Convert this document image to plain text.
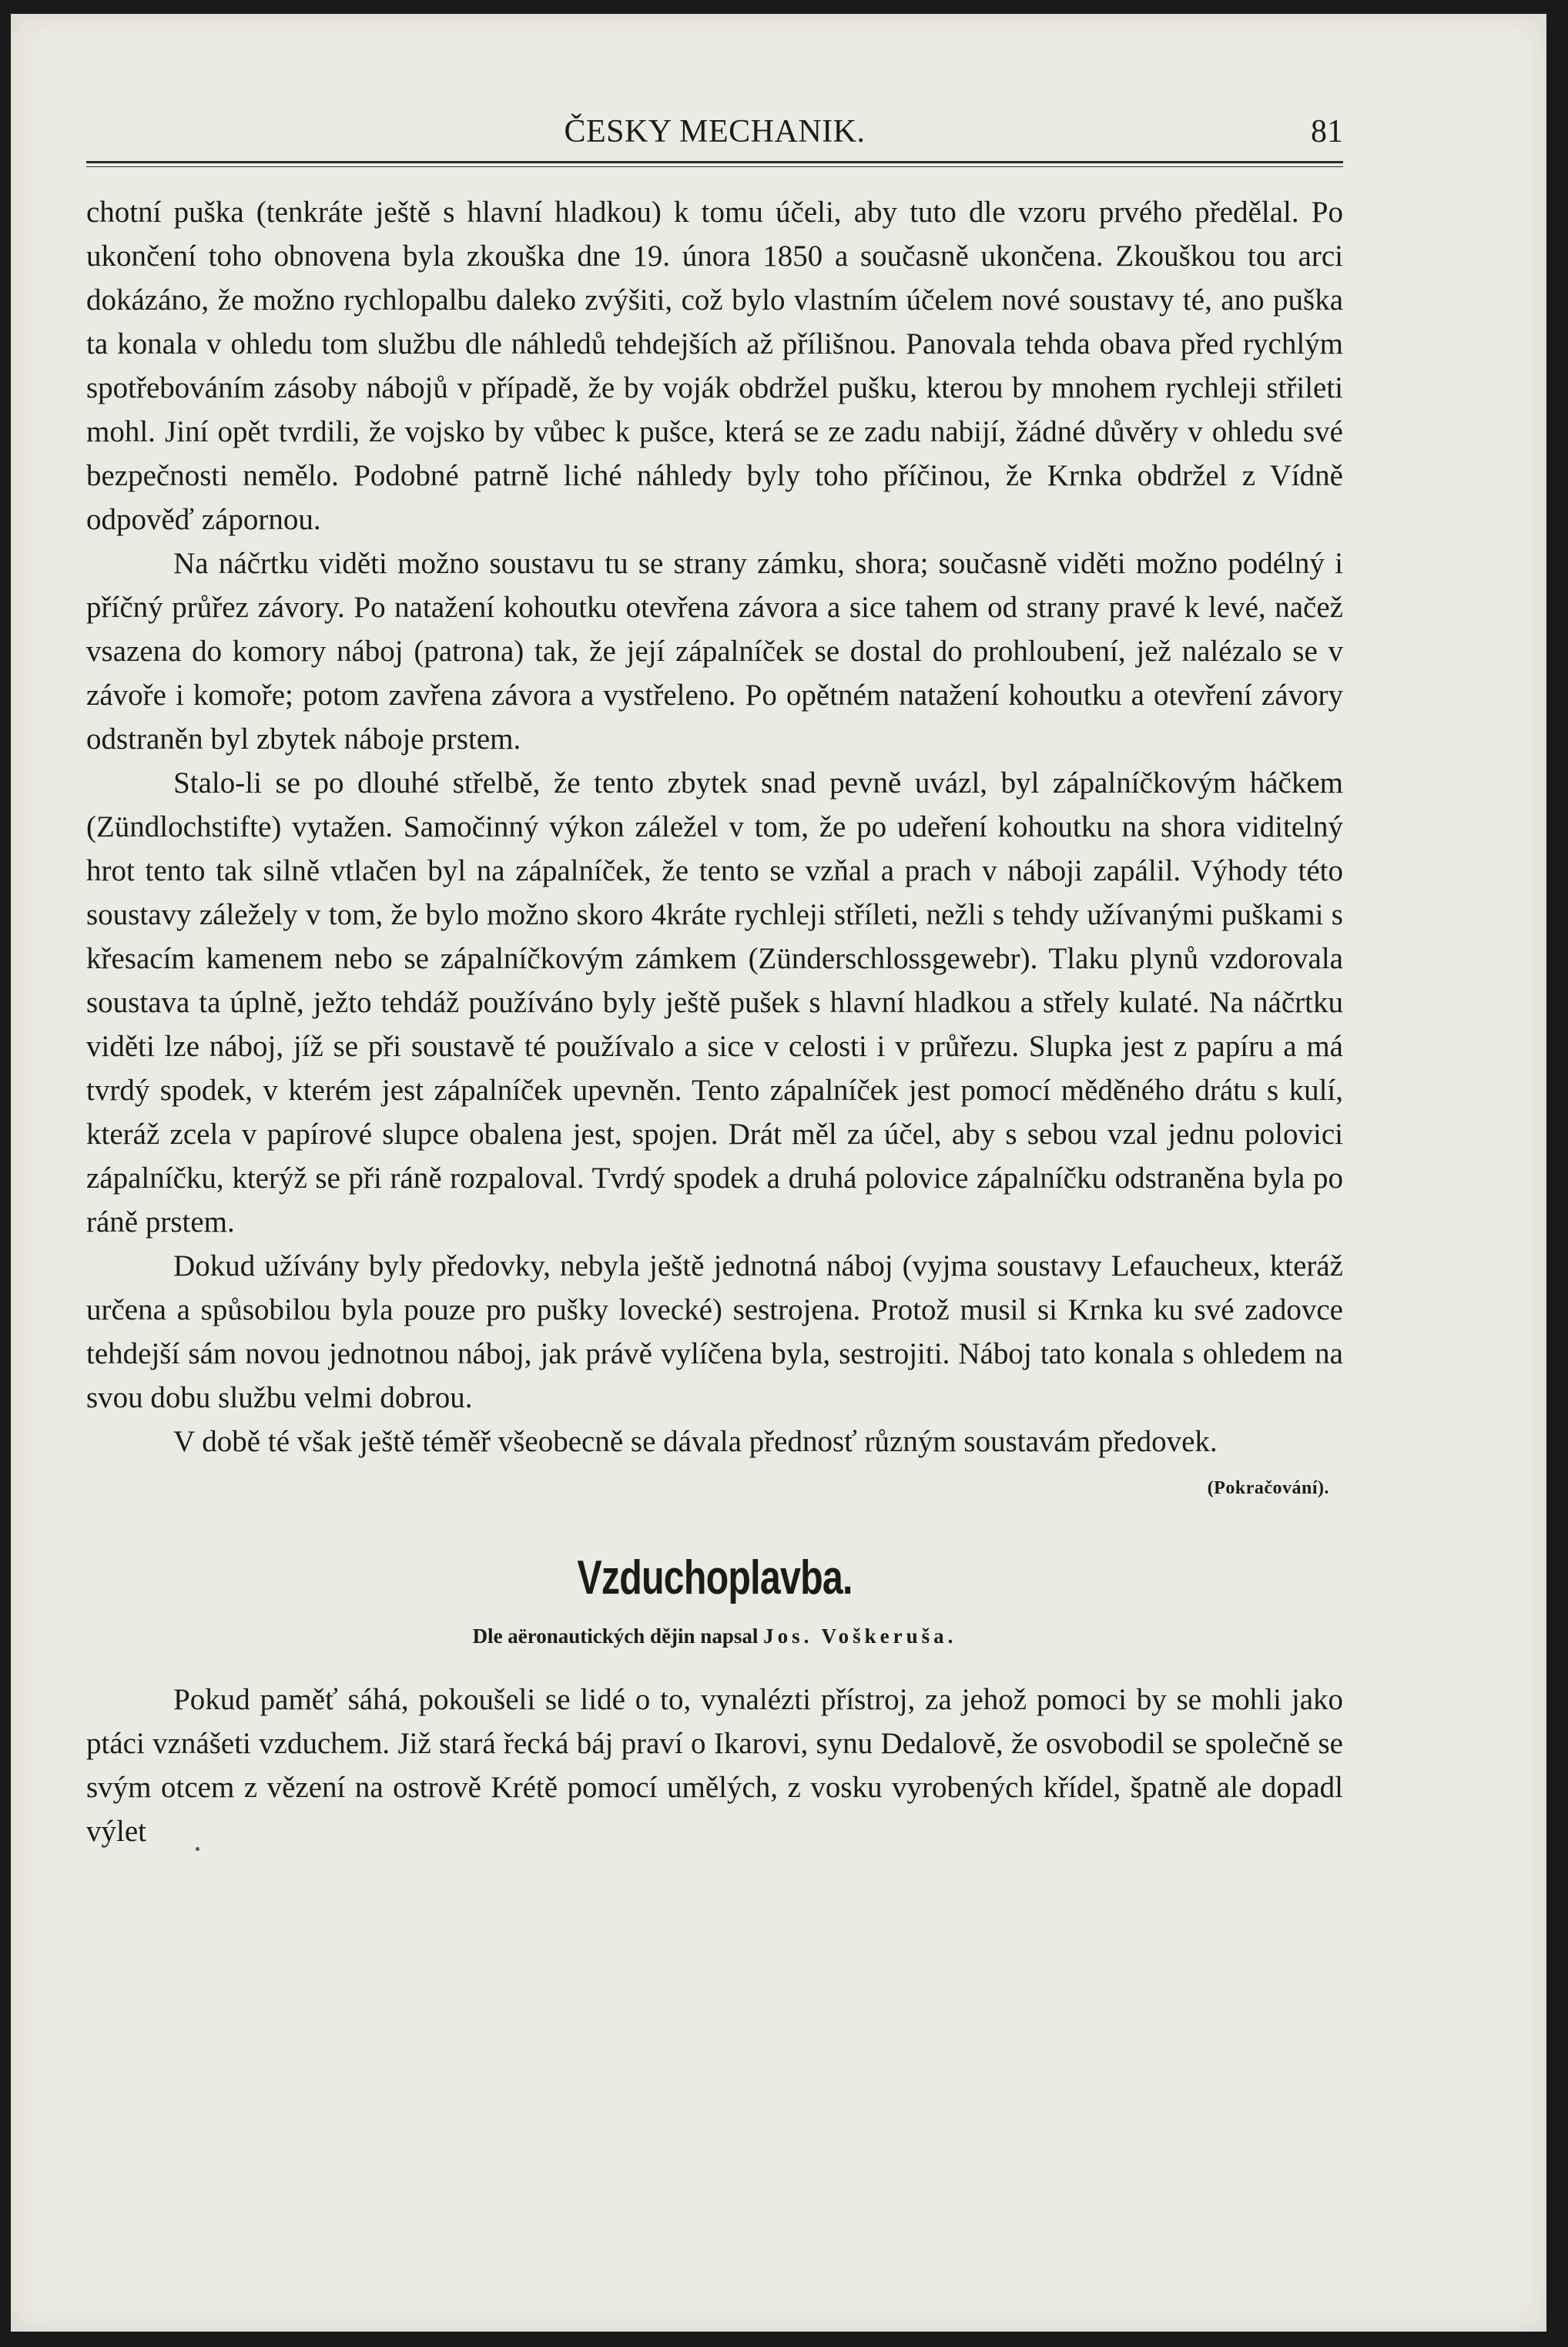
ČESKY MECHANIK.	81

chotní puška (tenkráte ještě s hlavní hladkou) k tomu účeli, aby tuto dle vzoru prvého předělal. Po ukončení toho obnovena byla zkouška dne 19. února 1850 a současně ukončena. Zkouškou tou arci dokázáno, že možno rychlopalbu daleko zvýšiti, což bylo vlastním účelem nové soustavy té, ano puška ta konala v ohledu tom službu dle náhledů tehdejších až přílišnou. Panovala tehda obava před rychlým spotřebováním zásoby nábojů v případě, že by voják obdržel pušku, kterou by mnohem rychleji střileti mohl. Jiní opět tvrdili, že vojsko by vůbec k pušce, která se ze zadu nabijí, žádné důvěry v ohledu své bezpečnosti nemělo. Podobné patrně liché náhledy byly toho příčinou, že Krnka obdržel z Vídně odpověď zápornou.

Na náčrtku viděti možno soustavu tu se strany zámku, shora; současně viděti možno podélný i příčný průřez závory. Po natažení kohoutku otevřena závora a sice tahem od strany pravé k levé, načež vsazena do komory náboj (patrona) tak, že její zápalníček se dostal do prohloubení, jež nalézalo se v závoře i komoře; potom zavřena závora a vystřeleno. Po opětném natažení kohoutku a otevření závory odstraněn byl zbytek náboje prstem.

Stalo-li se po dlouhé střelbě, že tento zbytek snad pevně uvázl, byl zápalníčkovým háčkem (Zündlochstifte) vytažen. Samočinný výkon záležel v tom, že po udeření kohoutku na shora viditelný hrot tento tak silně vtlačen byl na zápalníček, že tento se vzňal a prach v náboji zapálil. Výhody této soustavy záležely v tom, že bylo možno skoro 4kráte rychleji stříleti, nežli s tehdy užívanými puškami s křesacím kamenem nebo se zápalníčkovým zámkem (Zünderschlossgewebr). Tlaku plynů vzdorovala soustava ta úplně, ježto tehdáž používáno byly ještě pušek s hlavní hladkou a střely kulaté. Na náčrtku viděti lze náboj, jíž se při soustavě té používalo a sice v celosti i v průřezu. Slupka jest z papíru a má tvrdý spodek, v kterém jest zápalníček upevněn. Tento zápalníček jest pomocí měděného drátu s kulí, kteráž zcela v papírové slupce obalena jest, spojen. Drát měl za účel, aby s sebou vzal jednu polovici zápalníčku, kterýž se při ráně rozpaloval. Tvrdý spodek a druhá polovice zápalníčku odstraněna byla po ráně prstem.

Dokud užívány byly předovky, nebyla ještě jednotná náboj (vyjma soustavy Lefaucheux, kteráž určena a spůsobilou byla pouze pro pušky lovecké) sestrojena. Protož musil si Krnka ku své zadovce tehdejší sám novou jednotnou náboj, jak právě vylíčena byla, sestrojiti. Náboj tato konala s ohledem na svou dobu službu velmi dobrou.

V době té však ještě téměř všeobecně se dávala přednosť různým soustavám předovek.
(Pokračování).

Vzduchoplavba.
Dle aëronautických dějin napsal Jos. Voškeruša.

Pokud paměť sáhá, pokoušeli se lidé o to, vynalézti přístroj, za jehož pomoci by se mohli jako ptáci vznášeti vzduchem. Již stará řecká báj praví o Ikarovi, synu Dedalově, že osvobodil se společně se svým otcem z vězení na ostrově Krétě pomocí umělých, z vosku vyrobených křídel, špatně ale dopadl výlet
